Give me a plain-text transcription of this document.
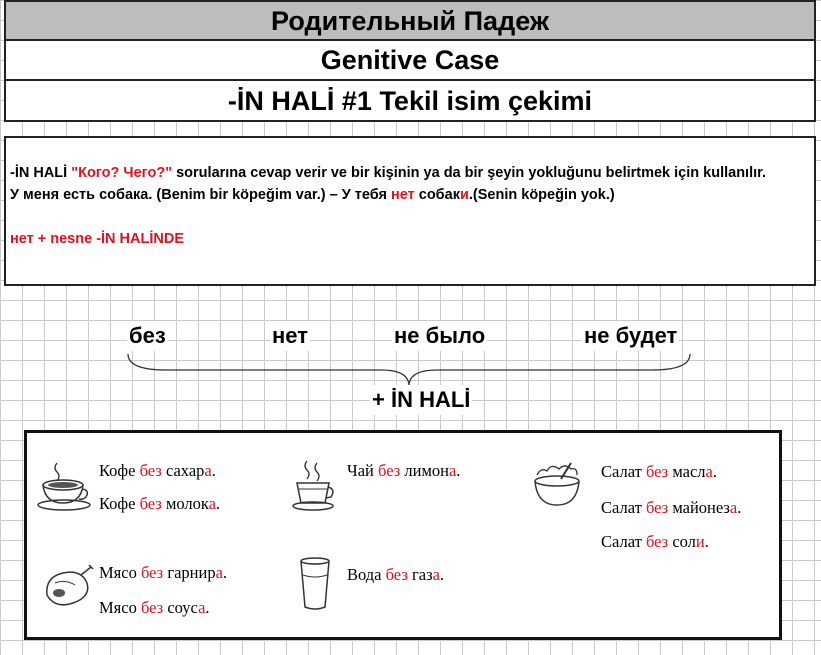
Родительный Падеж
Genitive Case
-İN HALİ #1 Tekil isim çekimi

-İN HALİ "Кого? Чего?" sorularına cevap verir ve bir kişinin ya da bir şeyin yokluğunu belirtmek için kullanılır.

У меня есть собака. (Benim bir köpeğim var.) – У тебя нет собаки.(Senin köpeğin yok.)

нет + nesne -İN HALİNDE

без	нет	не было	не будет
+ İN HALİ
Кофе без сахара.
Кофе без молока.
Чай без лимона.	Салат без масла.
Салат без майонеза.
Салат без соли.
Мясо без гарнира.
Мясо без соуса.
Вода без газа.
